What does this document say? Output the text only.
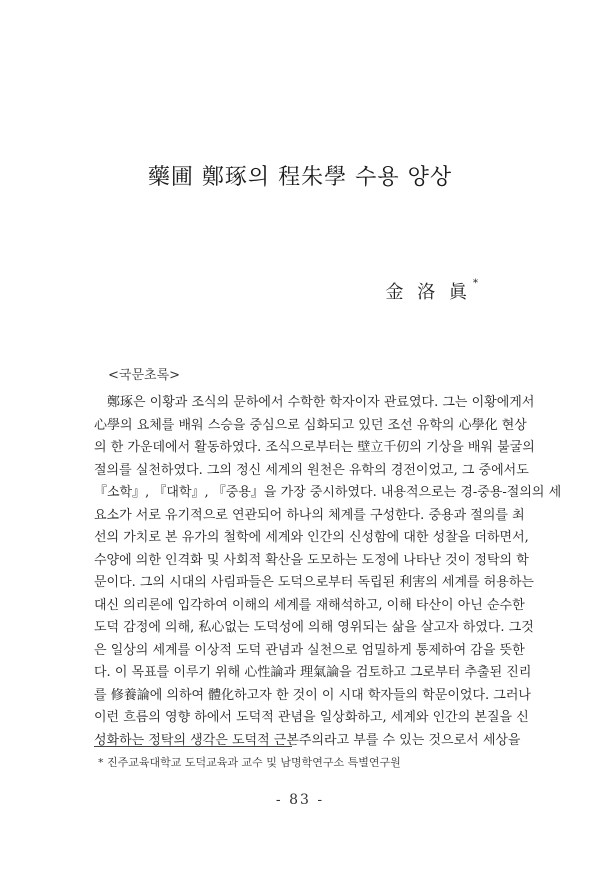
藥圃 鄭琢의 程朱學 수용 양상
金 洛 眞 *
<국문초록>

鄭琢은 이황과 조식의 문하에서 수학한 학자이자 관료였다. 그는 이황에게서

心學의 요체를 배워 스승을 중심으로 심화되고 있던 조선 유학의 心學化 현상

의 한 가운데에서 활동하였다. 조식으로부터는 壁立千仞의 기상을 배워 불굴의

절의를 실천하였다. 그의 정신 세계의 원천은 유학의 경전이었고, 그 중에서도

『소학』, 『대학』, 『중용』을 가장 중시하였다. 내용적으로는 경-중용-절의의 세

요소가 서로 유기적으로 연관되어 하나의 체계를 구성한다. 중용과 절의를 최

선의 가치로 본 유가의 철학에 세계와 인간의 신성함에 대한 성찰을 더하면서,

수양에 의한 인격화 및 사회적 확산을 도모하는 도정에 나타난 것이 정탁의 학

문이다. 그의 시대의 사림파들은 도덕으로부터 독립된 利害의 세계를 허용하는

대신 의리론에 입각하여 이해의 세계를 재해석하고, 이해 타산이 아닌 순수한

도덕 감정에 의해, 私心없는 도덕성에 의해 영위되는 삶을 살고자 하였다. 그것

은 일상의 세계를 이상적 도덕 관념과 실천으로 엄밀하게 통제하여 감을 뜻한

다. 이 목표를 이루기 위해 心性論과 理氣論을 검토하고 그로부터 추출된 진리

를 修養論에 의하여 體化하고자 한 것이 이 시대 학자들의 학문이었다. 그러나

이런 흐름의 영향 하에서 도덕적 관념을 일상화하고, 세계와 인간의 본질을 신

성화하는 정탁의 생각은 도덕적 근본주의라고 부를 수 있는 것으로서 세상을

* 진주교육대학교 도덕교육과 교수 및 남명학연구소 특별연구원
- 83 -
